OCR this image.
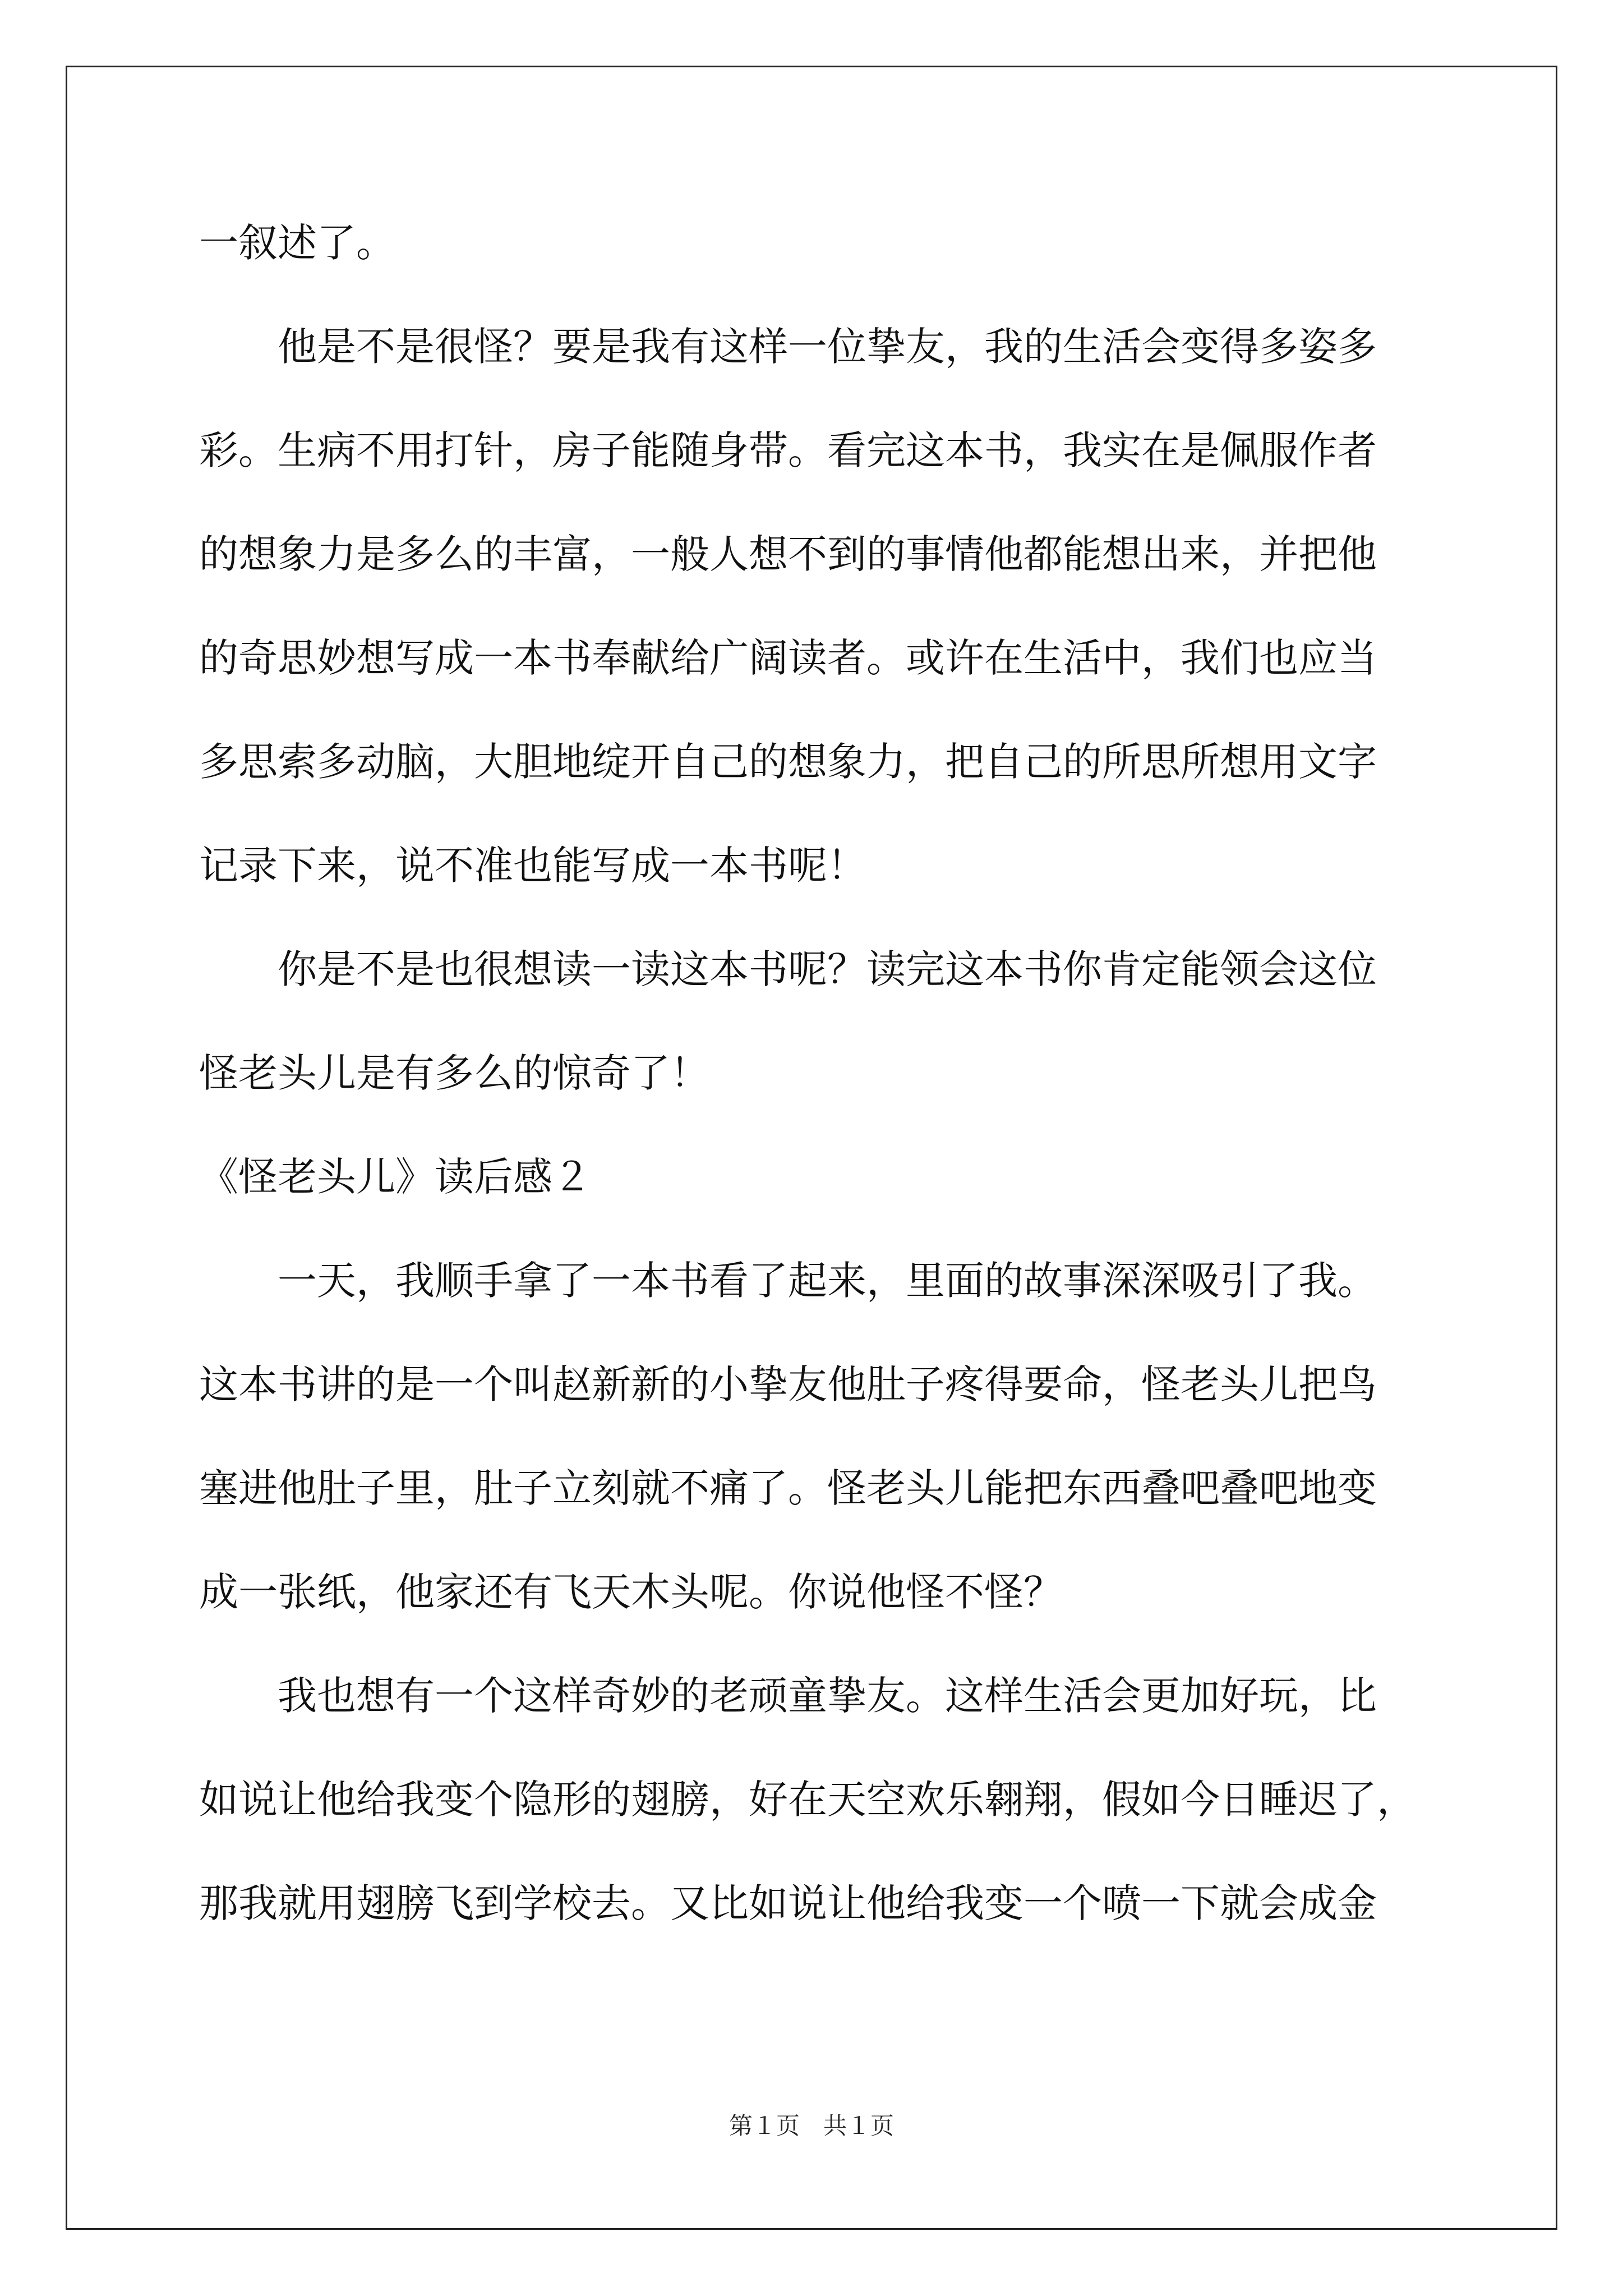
一叙述了。
　　他是不是很怪？要是我有这样一位挚友，我的生活会变得多姿多
彩。生病不用打针，房子能随身带。看完这本书，我实在是佩服作者
的想象力是多么的丰富，一般人想不到的事情他都能想出来，并把他
的奇思妙想写成一本书奉献给广阔读者。或许在生活中，我们也应当
多思索多动脑，大胆地绽开自己的想象力，把自己的所思所想用文字
记录下来，说不准也能写成一本书呢！
　　你是不是也很想读一读这本书呢？读完这本书你肯定能领会这位
怪老头儿是有多么的惊奇了！
《怪老头儿》读后感２
　　一天，我顺手拿了一本书看了起来，里面的故事深深吸引了我。
这本书讲的是一个叫赵新新的小挚友他肚子疼得要命，怪老头儿把鸟
塞进他肚子里，肚子立刻就不痛了。怪老头儿能把东西叠吧叠吧地变
成一张纸，他家还有飞天木头呢。你说他怪不怪？
　　我也想有一个这样奇妙的老顽童挚友。这样生活会更加好玩，比
如说让他给我变个隐形的翅膀，好在天空欢乐翱翔，假如今日睡迟了，
那我就用翅膀飞到学校去。又比如说让他给我变一个喷一下就会成金
第１页　共１页
